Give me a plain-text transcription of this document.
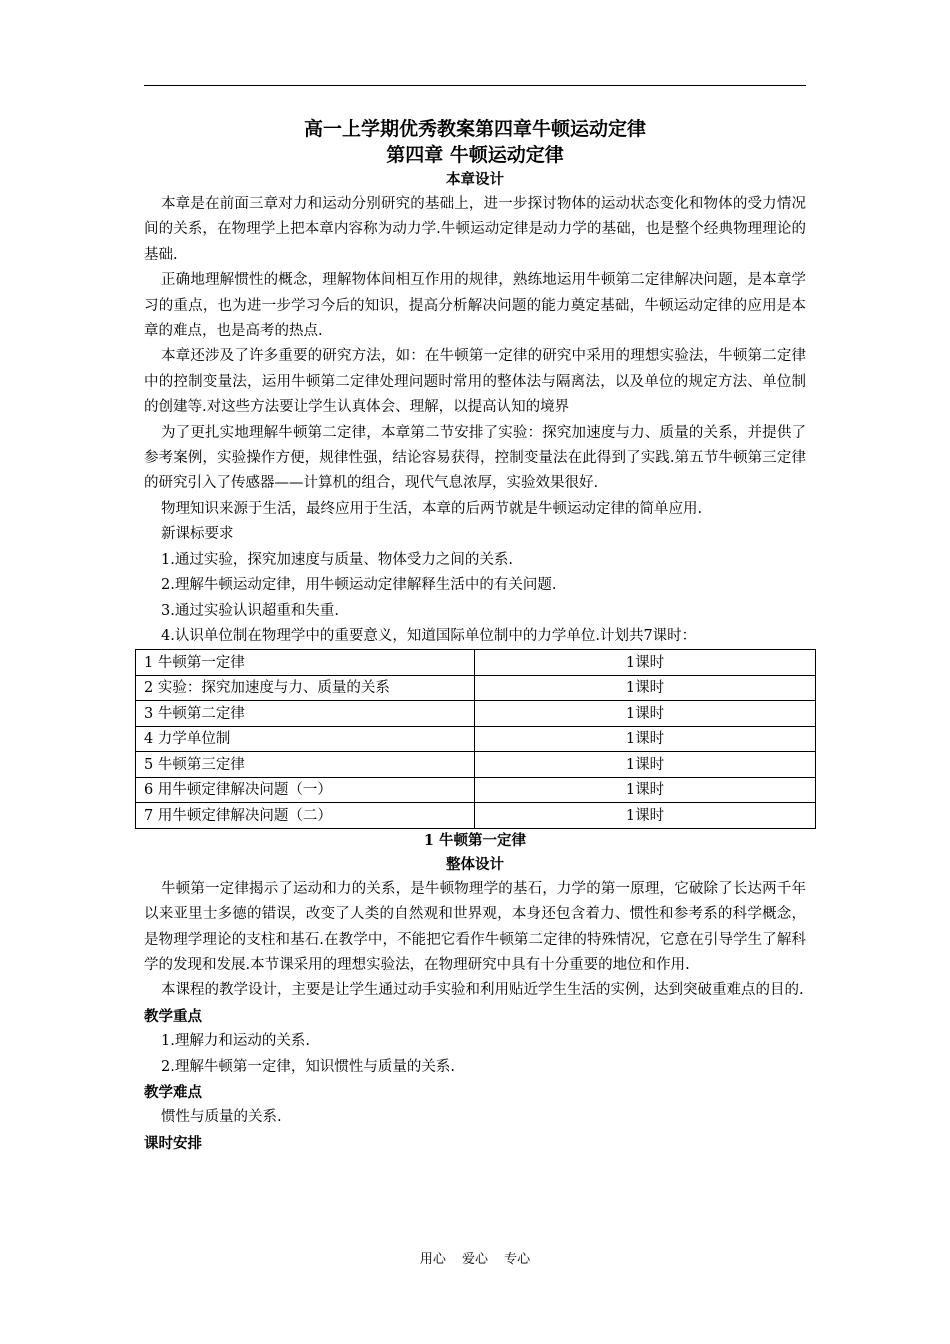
高一上学期优秀教案第四章牛顿运动定律
第四章 牛顿运动定律
本章设计

本章是在前面三章对力和运动分别研究的基础上，进一步探讨物体的运动状态变化和物体的受力情况间的关系，在物理学上把本章内容称为动力学.牛顿运动定律是动力学的基础，也是整个经典物理理论的基础.

正确地理解惯性的概念，理解物体间相互作用的规律，熟练地运用牛顿第二定律解决问题，是本章学习的重点，也为进一步学习今后的知识，提高分析解决问题的能力奠定基础，牛顿运动定律的应用是本章的难点，也是高考的热点.

本章还涉及了许多重要的研究方法，如：在牛顿第一定律的研究中采用的理想实验法，牛顿第二定律中的控制变量法，运用牛顿第二定律处理问题时常用的整体法与隔离法，以及单位的规定方法、单位制的创建等.对这些方法要让学生认真体会、理解，以提高认知的境界

为了更扎实地理解牛顿第二定律，本章第二节安排了实验：探究加速度与力、质量的关系，并提供了参考案例，实验操作方便，规律性强，结论容易获得，控制变量法在此得到了实践.第五节牛顿第三定律的研究引入了传感器——计算机的组合，现代气息浓厚，实验效果很好.

物理知识来源于生活，最终应用于生活，本章的后两节就是牛顿运动定律的简单应用.

新课标要求

1.通过实验，探究加速度与质量、物体受力之间的关系.

2.理解牛顿运动定律，用牛顿运动定律解释生活中的有关问题.

3.通过实验认识超重和失重.

4.认识单位制在物理学中的重要意义，知道国际单位制中的力学单位.计划共7课时：

1 牛顿第一定律	1课时
2 实验：探究加速度与力、质量的关系	1课时
3 牛顿第二定律	1课时
4 力学单位制	1课时
5 牛顿第三定律	1课时
6 用牛顿定律解决问题（一）	1课时
7 用牛顿定律解决问题（二）	1课时
1 牛顿第一定律
整体设计

牛顿第一定律揭示了运动和力的关系，是牛顿物理学的基石，力学的第一原理，它破除了长达两千年以来亚里士多德的错误，改变了人类的自然观和世界观，本身还包含着力、惯性和参考系的科学概念，是物理学理论的支柱和基石.在教学中，不能把它看作牛顿第二定律的特殊情况，它意在引导学生了解科学的发现和发展.本节课采用的理想实验法，在物理研究中具有十分重要的地位和作用.

本课程的教学设计，主要是让学生通过动手实验和利用贴近学生生活的实例，达到突破重难点的目的.

教学重点

1.理解力和运动的关系.

2.理解牛顿第一定律，知识惯性与质量的关系.

教学难点

惯性与质量的关系.

课时安排

用心 爱心 专心
